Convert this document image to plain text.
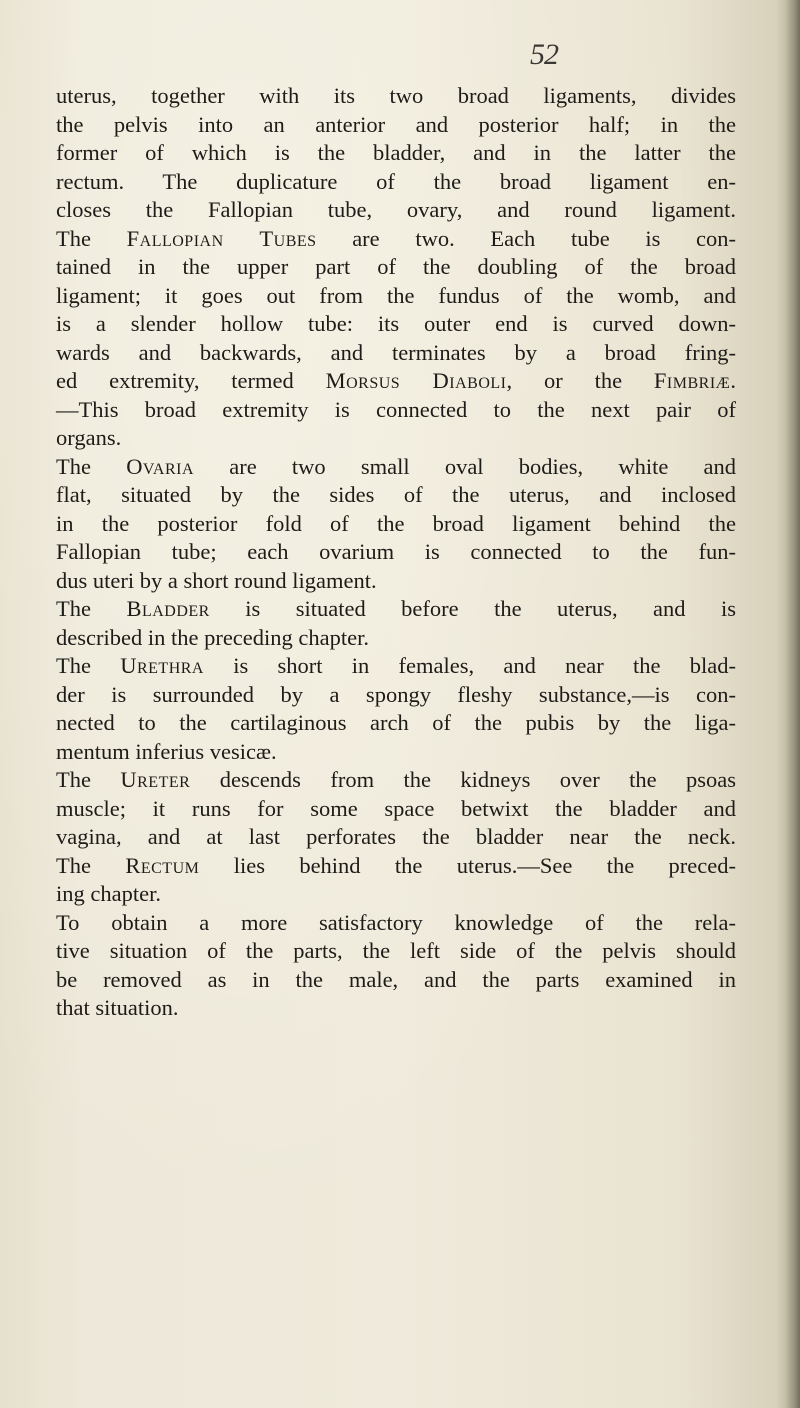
52
uterus, together with its two broad ligaments, divides
the pelvis into an anterior and posterior half; in the
former of which is the bladder, and in the latter the
rectum. The duplicature of the broad ligament en-
closes the Fallopian tube, ovary, and round ligament.
The Fallopian Tubes are two. Each tube is con-
tained in the upper part of the doubling of the broad
ligament; it goes out from the fundus of the womb, and
is a slender hollow tube: its outer end is curved down-
wards and backwards, and terminates by a broad fring-
ed extremity, termed Morsus Diaboli, or the Fimbriæ.
—This broad extremity is connected to the next pair of
organs.
The Ovaria are two small oval bodies, white and
flat, situated by the sides of the uterus, and inclosed
in the posterior fold of the broad ligament behind the
Fallopian tube; each ovarium is connected to the fun-
dus uteri by a short round ligament.
The Bladder is situated before the uterus, and is
described in the preceding chapter.
The Urethra is short in females, and near the blad-
der is surrounded by a spongy fleshy substance,—is con-
nected to the cartilaginous arch of the pubis by the liga-
mentum inferius vesicæ.
The Ureter descends from the kidneys over the psoas
muscle; it runs for some space betwixt the bladder and
vagina, and at last perforates the bladder near the neck.
The Rectum lies behind the uterus.—See the preced-
ing chapter.
To obtain a more satisfactory knowledge of the rela-
tive situation of the parts, the left side of the pelvis should
be removed as in the male, and the parts examined in
that situation.
